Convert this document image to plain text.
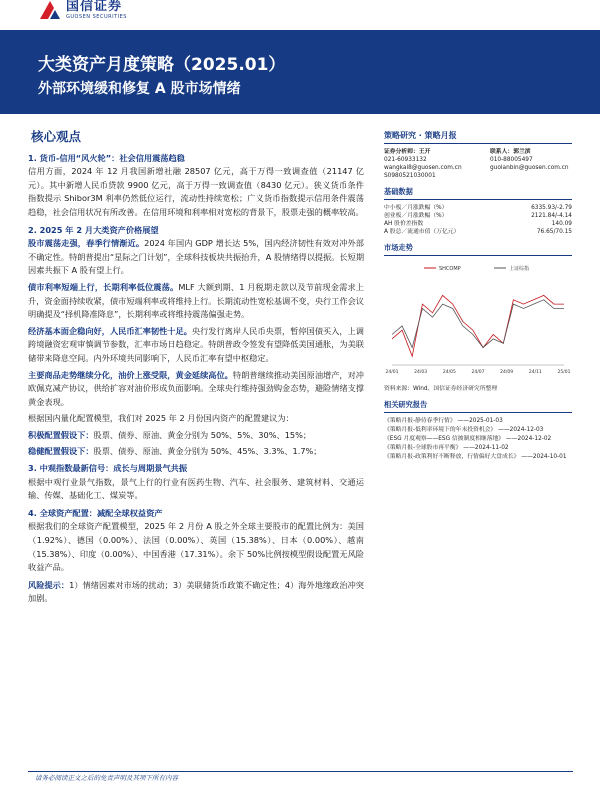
国信证券
GUOSEN SECURITIES
大类资产月度策略（2025.01）
外部环境缓和修复 A 股市场情绪
核心观点
1. 货币-信用“风火轮”：社会信用震荡趋稳
信用方面，2024 年 12 月我国新增社融 28507 亿元，高于万得一致调查值（21147 亿元）。其中新增人民币贷款 9900 亿元，高于万得一致调查值（8430 亿元）。狭义货币条件指数提示 Shibor3M 利率仍然低位运行，流动性持续宽松；广义货币指数提示信用条件震荡趋稳，社会信用状况有所改善。在信用环境和利率相对宽松的背景下，股票走强的概率较高。
2. 2025 年 2 月大类资产价格展望
股市震荡走强，春季行情渐近。2024 年国内 GDP 增长达 5%，国内经济韧性有效对冲外部不确定性。特朗普提出“星际之门计划”，全球科技板块共振抬升，A 股情绪得以提振。长短期因素共振下 A 股有望上行。
债市利率短端上行，长期利率低位震荡。MLF 大额到期、1 月税期走款以及节前现金需求上升，资金面持续收紧，债市短端利率或将维持上行。长期流动性宽松基调不变，央行工作会议明确提及“择机降准降息”，长期利率或将维持震荡偏强走势。
经济基本面企稳向好，人民币汇率韧性十足。央行发行离岸人民币央票，暂停国债买入，上调跨境融资宏观审慎调节参数，汇率市场日趋稳定。特朗普政令签发有望降低美国通胀，为美联储带来降息空间。内外环境共同影响下，人民币汇率有望中枢稳定。
主要商品走势继续分化，油价上涨受限，黄金延续高位。特朗普继续推动美国原油增产，对冲欧佩克减产协议，供给扩容对油价形成负面影响。全球央行维持强劲购金态势，避险情绪支撑黄金表现。
根据国内量化配置模型，我们对 2025 年 2 月份国内资产的配置建议为：
积极配置假设下：股票、债券、原油、黄金分别为 50%、5%、30%、15%；
稳健配置假设下：股票、债券、原油、黄金分别为 50%、45%、3.3%、1.7%；
3. 中观指数最新信号：成长与周期景气共振
根据中观行业景气指数，景气上行的行业有医药生物、汽车、社会服务、建筑材料、交通运输、传媒、基础化工、煤炭等。
4. 全球资产配置：减配全球权益资产
根据我们的全球资产配置模型，2025 年 2 月份 A 股之外全球主要股市的配置比例为：美国（1.92%）、德国（0.00%）、法国（0.00%）、英国（15.38%）、日本（0.00%）、越南（15.38%）、印度（0.00%）、中国香港（17.31%）。余下 50%比例按模型假设配置无风险收益产品。
风险提示：1）情绪因素对市场的扰动；3）美联储货币政策不确定性；4）海外地缘政治冲突加剧。
策略研究 · 策略月报
证券分析师：王开
021-60933132
wangkai8@guosen.com.cn
S0980521030001
联系人：郭兰滨
010-88005497
guolanbin@guosen.com.cn
基础数据
中小板／月涨跌幅（%）	6335.93/-2.79
创业板／月涨跌幅（%）	2121.84/-4.14
AH 股价差指数	140.09
A 股总／流通市值（万亿元）	76.65/70.15
市场走势
SHCOMP	上证综指
24/01	24/03	24/05	24/07	24/09	24/11	25/01
资料来源：Wind、国信证券经济研究所整理
相关研究报告
《策略月报-静待春季行情》 ——2025-01-03
《策略月报-低利率环境下的年末投资机会》 ——2024-12-03
《ESG 月度观察——ESG 信披制度相继落地》 ——2024-12-02
《策略月报-全球股市再平衡》 ——2024-11-02
《策略月报-政策利好不断释放，行情偏好大盘成长》 ——2024-10-01
请务必阅读正文之后的免责声明及其项下所有内容
